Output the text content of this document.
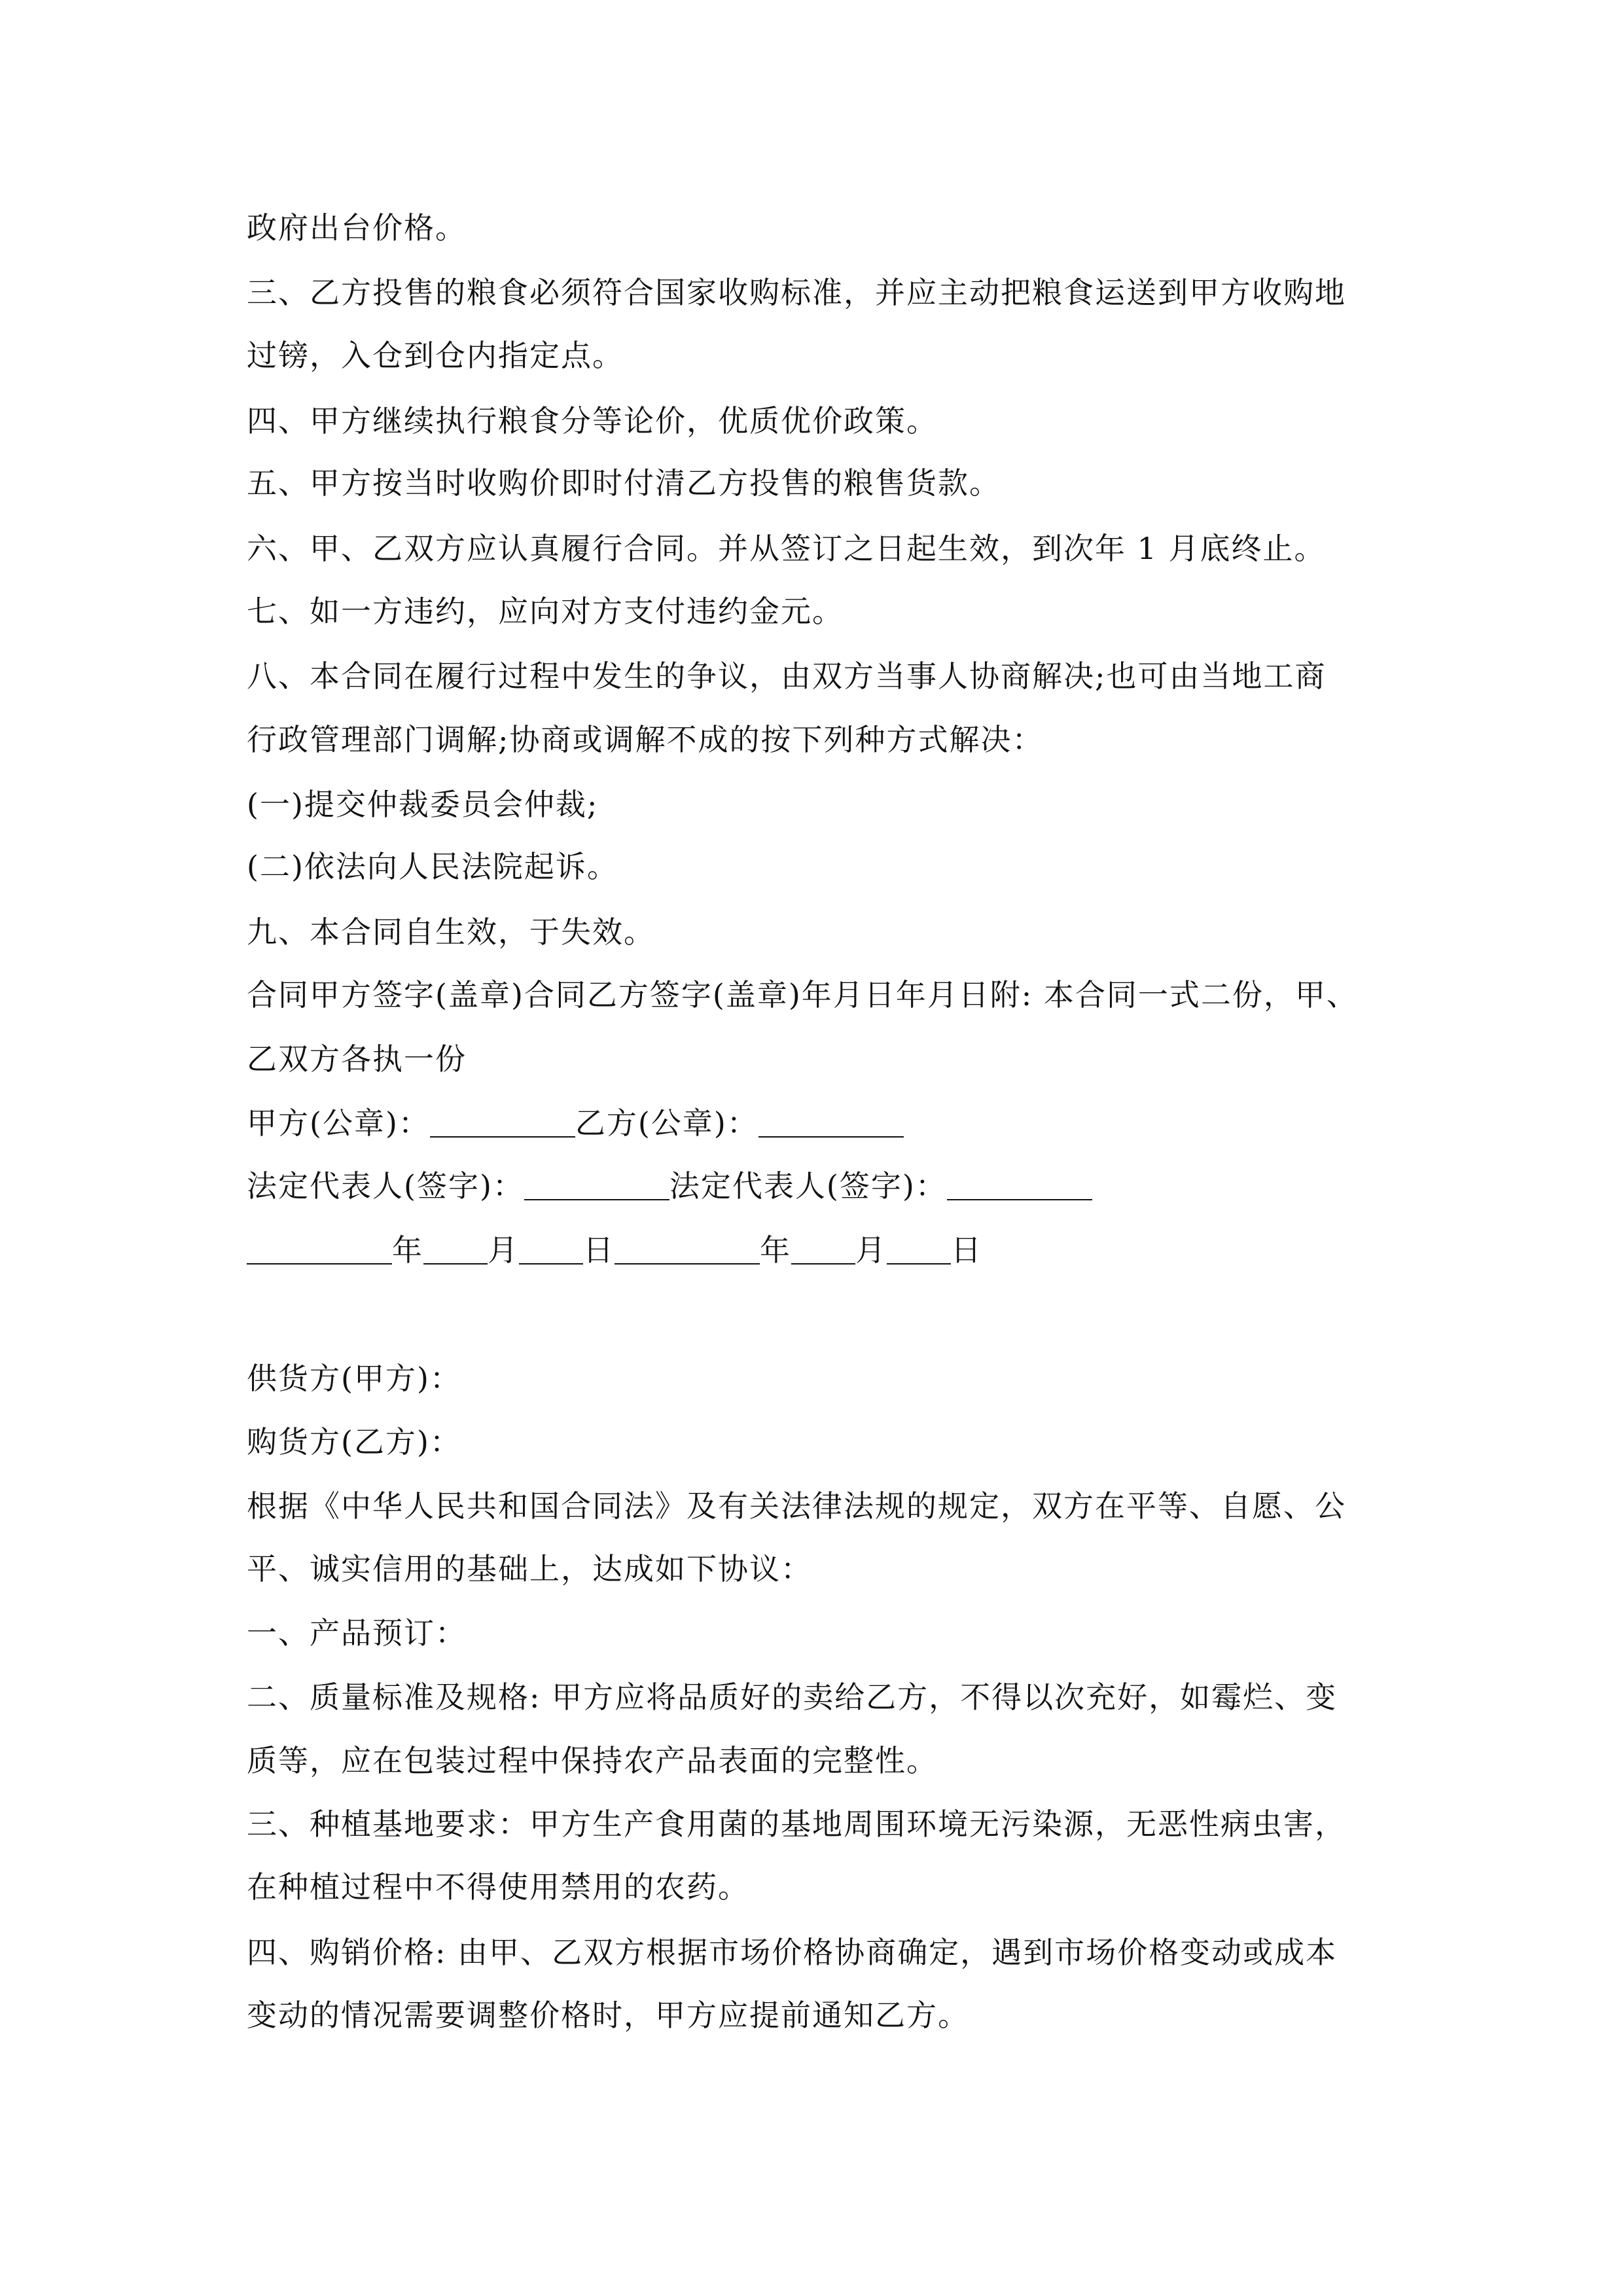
政府出台价格。
三、乙方投售的粮食必须符合国家收购标准，并应主动把粮食运送到甲方收购地
过镑，入仓到仓内指定点。
四、甲方继续执行粮食分等论价，优质优价政策。
五、甲方按当时收购价即时付清乙方投售的粮售货款。
六、甲、乙双方应认真履行合同。并从签订之日起生效，到次年 1 月底终止。
七、如一方违约，应向对方支付违约金元。
八、本合同在履行过程中发生的争议，由双方当事人协商解决;也可由当地工商
行政管理部门调解;协商或调解不成的按下列种方式解决：
(一)提交仲裁委员会仲裁;
(二)依法向人民法院起诉。
九、本合同自生效，于失效。
合同甲方签字(盖章)合同乙方签字(盖章)年月日年月日附: 本合同一式二份，甲、
乙双方各执一份
甲方(公章)：	乙方(公章)：
法定代表人(签字)：	法定代表人(签字)：
年 月 日	年 月 日
供货方(甲方)：
购货方(乙方)：
根据《中华人民共和国合同法》及有关法律法规的规定，双方在平等、自愿、公
平、诚实信用的基础上，达成如下协议：
一、产品预订：
二、质量标准及规格: 甲方应将品质好的卖给乙方，不得以次充好，如霉烂、变
质等，应在包装过程中保持农产品表面的完整性。
三、种植基地要求：甲方生产食用菌的基地周围环境无污染源，无恶性病虫害，
在种植过程中不得使用禁用的农药。
四、购销价格: 由甲、乙双方根据市场价格协商确定，遇到市场价格变动或成本
变动的情况需要调整价格时，甲方应提前通知乙方。
